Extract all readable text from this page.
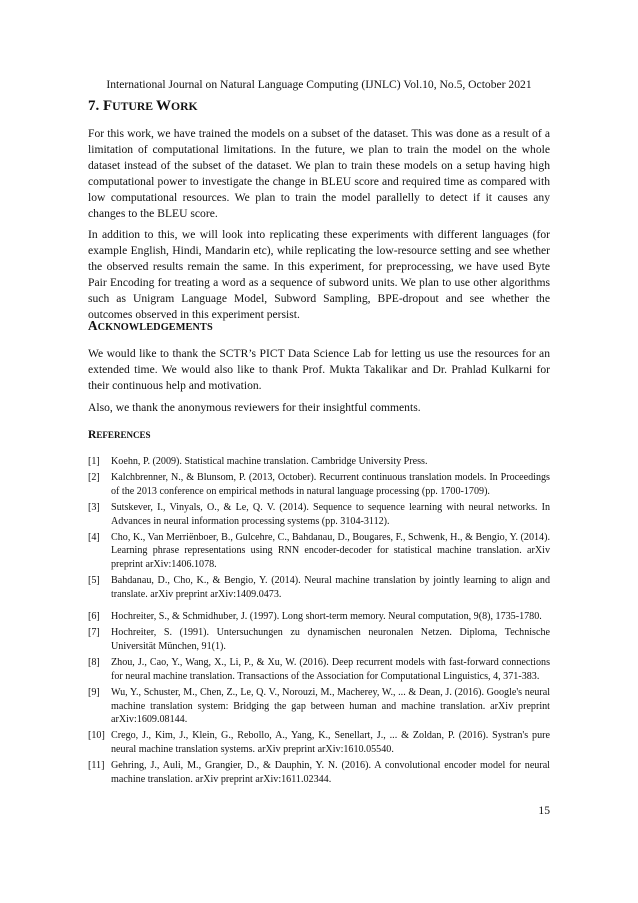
International Journal on Natural Language Computing (IJNLC) Vol.10, No.5, October 2021
7. FUTURE WORK

For this work, we have trained the models on a subset of the dataset. This was done as a result of a limitation of computational limitations. In the future, we plan to train the model on the whole dataset instead of the subset of the dataset. We plan to train these models on a setup having high computational power to investigate the change in BLEU score and required time as compared with low computational resources. We plan to train the model parallelly to detect if it causes any changes to the BLEU score.

In addition to this, we will look into replicating these experiments with different languages (for example English, Hindi, Mandarin etc), while replicating the low-resource setting and see whether the observed results remain the same. In this experiment, for preprocessing, we have used Byte Pair Encoding for treating a word as a sequence of subword units. We plan to use other algorithms such as Unigram Language Model, Subword Sampling, BPE-dropout and see whether the outcomes observed in this experiment persist.

ACKNOWLEDGEMENTS

We would like to thank the SCTR’s PICT Data Science Lab for letting us use the resources for an extended time. We would also like to thank Prof. Mukta Takalikar and Dr. Prahlad Kulkarni for their continuous help and motivation.

Also, we thank the anonymous reviewers for their insightful comments.

REFERENCES
[1]	Koehn, P. (2009). Statistical machine translation. Cambridge University Press.
[2]	Kalchbrenner, N., & Blunsom, P. (2013, October). Recurrent continuous translation models. In Proceedings of the 2013 conference on empirical methods in natural language processing (pp. 1700-1709).
[3]	Sutskever, I., Vinyals, O., & Le, Q. V. (2014). Sequence to sequence learning with neural networks. In Advances in neural information processing systems (pp. 3104-3112).
[4]	Cho, K., Van Merriënboer, B., Gulcehre, C., Bahdanau, D., Bougares, F., Schwenk, H., & Bengio, Y. (2014). Learning phrase representations using RNN encoder-decoder for statistical machine translation. arXiv preprint arXiv:1406.1078.
[5]	Bahdanau, D., Cho, K., & Bengio, Y. (2014). Neural machine translation by jointly learning to align and translate. arXiv preprint arXiv:1409.0473.
[6]	Hochreiter, S., & Schmidhuber, J. (1997). Long short-term memory. Neural computation, 9(8), 1735-1780.
[7]	Hochreiter, S. (1991). Untersuchungen zu dynamischen neuronalen Netzen. Diploma, Technische Universität München, 91(1).
[8]	Zhou, J., Cao, Y., Wang, X., Li, P., & Xu, W. (2016). Deep recurrent models with fast-forward connections for neural machine translation. Transactions of the Association for Computational Linguistics, 4, 371-383.
[9]	Wu, Y., Schuster, M., Chen, Z., Le, Q. V., Norouzi, M., Macherey, W., ... & Dean, J. (2016). Google's neural machine translation system: Bridging the gap between human and machine translation. arXiv preprint arXiv:1609.08144.
[10] Crego, J., Kim, J., Klein, G., Rebollo, A., Yang, K., Senellart, J., ... & Zoldan, P. (2016). Systran's pure neural machine translation systems. arXiv preprint arXiv:1610.05540.
[11] Gehring, J., Auli, M., Grangier, D., & Dauphin, Y. N. (2016). A convolutional encoder model for neural machine translation. arXiv preprint arXiv:1611.02344.
15
